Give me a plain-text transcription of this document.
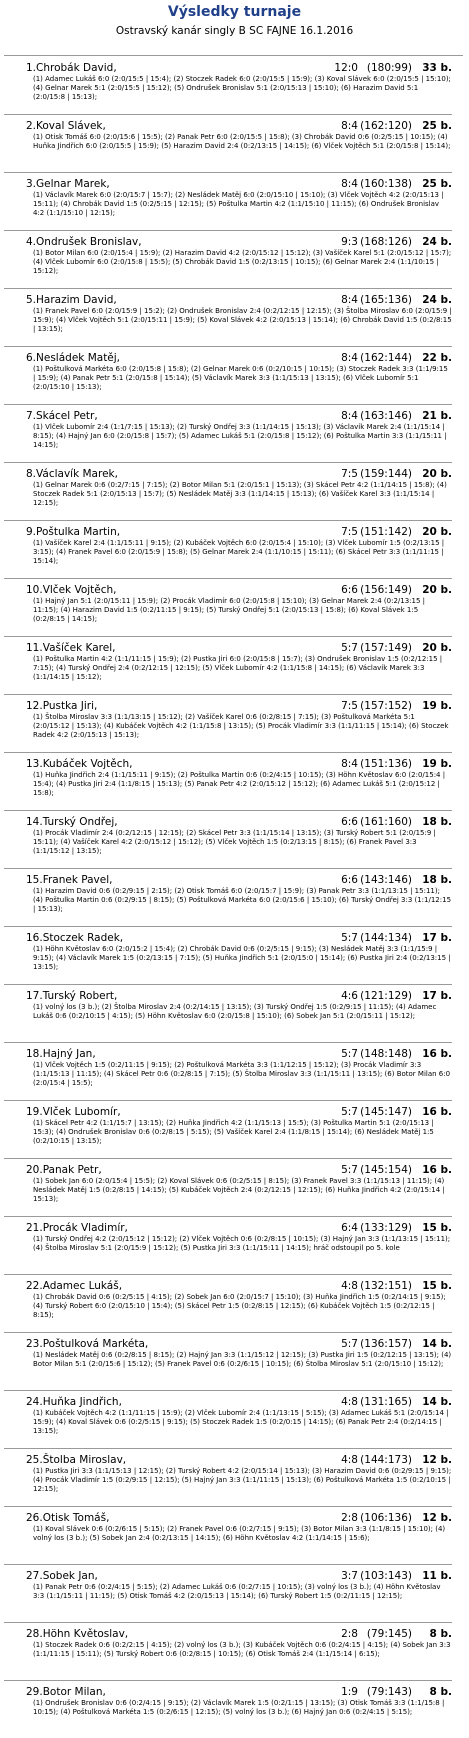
Výsledky turnaje
Ostravský kanár singly B SC FAJNE 16.1.2016
1.Chrobák David,	12:0 (180:99) 33 b.
(1) Adamec Lukáš 6:0 (2:0/15:5 | 15:4); (2) Stoczek Radek 6:0 (2:0/15:5 | 15:9); (3) Koval Slávek 6:0 (2:0/15:5 | 15:10); (4) Gelnar Marek 5:1 (2:0/15:5 | 15:12); (5) Ondrušek Bronislav 5:1 (2:0/15:13 | 15:10); (6) Harazim David 5:1 (2:0/15:8 | 15:13);
2.Koval Slávek,	8:4 (162:120) 25 b.
(1) Otisk Tomáš 6:0 (2:0/15:6 | 15:5); (2) Panak Petr 6:0 (2:0/15:5 | 15:8); (3) Chrobák David 0:6 (0:2/5:15 | 10:15); (4) Huňka Jindřich 6:0 (2:0/15:5 | 15:9); (5) Harazim David 2:4 (0:2/13:15 | 14:15); (6) Vlček Vojtěch 5:1 (2:0/15:8 | 15:14);
3.Gelnar Marek,	8:4 (160:138) 25 b.
(1) Václavík Marek 6:0 (2:0/15:7 | 15:7); (2) Nesládek Matěj 6:0 (2:0/15:10 | 15:10); (3) Vlček Vojtěch 4:2 (2:0/15:13 | 15:11); (4) Chrobák David 1:5 (0:2/5:15 | 12:15); (5) Poštulka Martin 4:2 (1:1/15:10 | 11:15); (6) Ondrušek Bronislav 4:2 (1:1/15:10 | 12:15);
4.Ondrušek Bronislav,	9:3 (168:126) 24 b.
(1) Botor Milan 6:0 (2:0/15:4 | 15:9); (2) Harazim David 4:2 (2:0/15:12 | 15:12); (3) Vašíček Karel 5:1 (2:0/15:12 | 15:7); (4) Vlček Lubomír 6:0 (2:0/15:8 | 15:5); (5) Chrobák David 1:5 (0:2/13:15 | 10:15); (6) Gelnar Marek 2:4 (1:1/10:15 | 15:12);
5.Harazim David,	8:4 (165:136) 24 b.
(1) Franek Pavel 6:0 (2:0/15:9 | 15:2); (2) Ondrušek Bronislav 2:4 (0:2/12:15 | 12:15); (3) Štolba Miroslav 6:0 (2:0/15:9 | 15:9); (4) Vlček Vojtěch 5:1 (2:0/15:11 | 15:9); (5) Koval Slávek 4:2 (2:0/15:13 | 15:14); (6) Chrobák David 1:5 (0:2/8:15 | 13:15);
6.Nesládek Matěj,	8:4 (162:144) 22 b.
(1) Poštulková Markéta 6:0 (2:0/15:8 | 15:8); (2) Gelnar Marek 0:6 (0:2/10:15 | 10:15); (3) Stoczek Radek 3:3 (1:1/9:15 | 15:9); (4) Panak Petr 5:1 (2:0/15:8 | 15:14); (5) Václavík Marek 3:3 (1:1/15:13 | 13:15); (6) Vlček Lubomír 5:1 (2:0/15:10 | 15:13);
7.Skácel Petr,	8:4 (163:146) 21 b.
(1) Vlček Lubomír 2:4 (1:1/7:15 | 15:13); (2) Turský Ondřej 3:3 (1:1/14:15 | 15:13); (3) Václavík Marek 2:4 (1:1/15:14 | 8:15); (4) Hajný Jan 6:0 (2:0/15:8 | 15:7); (5) Adamec Lukáš 5:1 (2:0/15:8 | 15:12); (6) Poštulka Martin 3:3 (1:1/15:11 | 14:15);
8.Václavík Marek,	7:5 (159:144) 20 b.
(1) Gelnar Marek 0:6 (0:2/7:15 | 7:15); (2) Botor Milan 5:1 (2:0/15:1 | 15:13); (3) Skácel Petr 4:2 (1:1/14:15 | 15:8); (4) Stoczek Radek 5:1 (2:0/15:13 | 15:7); (5) Nesládek Matěj 3:3 (1:1/14:15 | 15:13); (6) Vašíček Karel 3:3 (1:1/15:14 | 12:15);
9.Poštulka Martin,	7:5 (151:142) 20 b.
(1) Vašíček Karel 2:4 (1:1/15:11 | 9:15); (2) Kubáček Vojtěch 6:0 (2:0/15:4 | 15:10); (3) Vlček Lubomír 1:5 (0:2/13:15 | 3:15); (4) Franek Pavel 6:0 (2:0/15:9 | 15:8); (5) Gelnar Marek 2:4 (1:1/10:15 | 15:11); (6) Skácel Petr 3:3 (1:1/11:15 | 15:14);
10.Vlček Vojtěch,	6:6 (156:149) 20 b.
(1) Hajný Jan 5:1 (2:0/15:11 | 15:9); (2) Procák Vladimír 6:0 (2:0/15:8 | 15:10); (3) Gelnar Marek 2:4 (0:2/13:15 | 11:15); (4) Harazim David 1:5 (0:2/11:15 | 9:15); (5) Turský Ondřej 5:1 (2:0/15:13 | 15:8); (6) Koval Slávek 1:5 (0:2/8:15 | 14:15);
11.Vašíček Karel,	5:7 (157:149) 20 b.
(1) Poštulka Martin 4:2 (1:1/11:15 | 15:9); (2) Pustka Jiri 6:0 (2:0/15:8 | 15:7); (3) Ondrušek Bronislav 1:5 (0:2/12:15 | 7:15); (4) Turský Ondřej 2:4 (0:2/12:15 | 12:15); (5) Vlček Lubomír 4:2 (1:1/15:8 | 14:15); (6) Václavík Marek 3:3 (1:1/14:15 | 15:12);
12.Pustka Jiri,	7:5 (157:152) 19 b.
(1) Štolba Miroslav 3:3 (1:1/13:15 | 15:12); (2) Vašíček Karel 0:6 (0:2/8:15 | 7:15); (3) Poštulková Markéta 5:1 (2:0/15:12 | 15:13); (4) Kubáček Vojtěch 4:2 (1:1/15:8 | 13:15); (5) Procák Vladimír 3:3 (1:1/11:15 | 15:14); (6) Stoczek Radek 4:2 (2:0/15:13 | 15:13);
13.Kubáček Vojtěch,	8:4 (151:136) 19 b.
(1) Huňka Jindřich 2:4 (1:1/15:11 | 9:15); (2) Poštulka Martin 0:6 (0:2/4:15 | 10:15); (3) Höhn Květoslav 6:0 (2:0/15:4 | 15:4); (4) Pustka Jiri 2:4 (1:1/8:15 | 15:13); (5) Panak Petr 4:2 (2:0/15:12 | 15:12); (6) Adamec Lukáš 5:1 (2:0/15:12 | 15:8);
14.Turský Ondřej,	6:6 (161:160) 18 b.
(1) Procák Vladimír 2:4 (0:2/12:15 | 12:15); (2) Skácel Petr 3:3 (1:1/15:14 | 13:15); (3) Turský Robert 5:1 (2:0/15:9 | 15:11); (4) Vašíček Karel 4:2 (2:0/15:12 | 15:12); (5) Vlček Vojtěch 1:5 (0:2/13:15 | 8:15); (6) Franek Pavel 3:3 (1:1/15:12 | 13:15);
15.Franek Pavel,	6:6 (143:146) 18 b.
(1) Harazim David 0:6 (0:2/9:15 | 2:15); (2) Otisk Tomáš 6:0 (2:0/15:7 | 15:9); (3) Panak Petr 3:3 (1:1/13:15 | 15:11); (4) Poštulka Martin 0:6 (0:2/9:15 | 8:15); (5) Poštulková Markéta 6:0 (2:0/15:6 | 15:10); (6) Turský Ondřej 3:3 (1:1/12:15 | 15:13);
16.Stoczek Radek,	5:7 (144:134) 17 b.
(1) Höhn Květoslav 6:0 (2:0/15:2 | 15:4); (2) Chrobák David 0:6 (0:2/5:15 | 9:15); (3) Nesládek Matěj 3:3 (1:1/15:9 | 9:15); (4) Václavík Marek 1:5 (0:2/13:15 | 7:15); (5) Huňka Jindřich 5:1 (2:0/15:0 | 15:14); (6) Pustka Jiri 2:4 (0:2/13:15 | 13:15);
17.Turský Robert,	4:6 (121:129) 17 b.
(1) volný los (3 b.); (2) Štolba Miroslav 2:4 (0:2/14:15 | 13:15); (3) Turský Ondřej 1:5 (0:2/9:15 | 11:15); (4) Adamec Lukáš 0:6 (0:2/10:15 | 4:15); (5) Höhn Květoslav 6:0 (2:0/15:8 | 15:10); (6) Sobek Jan 5:1 (2:0/15:11 | 15:12);
18.Hajný Jan,	5:7 (148:148) 16 b.
(1) Vlček Vojtěch 1:5 (0:2/11:15 | 9:15); (2) Poštulková Markéta 3:3 (1:1/12:15 | 15:12); (3) Procák Vladimír 3:3 (1:1/15:13 | 11:15); (4) Skácel Petr 0:6 (0:2/8:15 | 7:15); (5) Štolba Miroslav 3:3 (1:1/15:11 | 13:15); (6) Botor Milan 6:0 (2:0/15:4 | 15:5);
19.Vlček Lubomír,	5:7 (145:147) 16 b.
(1) Skácel Petr 4:2 (1:1/15:7 | 13:15); (2) Huňka Jindřich 4:2 (1:1/15:13 | 15:5); (3) Poštulka Martin 5:1 (2:0/15:13 | 15:3); (4) Ondrušek Bronislav 0:6 (0:2/8:15 | 5:15); (5) Vašíček Karel 2:4 (1:1/8:15 | 15:14); (6) Nesládek Matěj 1:5 (0:2/10:15 | 13:15);
20.Panak Petr,	5:7 (145:154) 16 b.
(1) Sobek Jan 6:0 (2:0/15:4 | 15:5); (2) Koval Slávek 0:6 (0:2/5:15 | 8:15); (3) Franek Pavel 3:3 (1:1/15:13 | 11:15); (4) Nesládek Matěj 1:5 (0:2/8:15 | 14:15); (5) Kubáček Vojtěch 2:4 (0:2/12:15 | 12:15); (6) Huňka Jindřich 4:2 (2:0/15:14 | 15:13);
21.Procák Vladimír,	6:4 (133:129) 15 b.
(1) Turský Ondřej 4:2 (2:0/15:12 | 15:12); (2) Vlček Vojtěch 0:6 (0:2/8:15 | 10:15); (3) Hajný Jan 3:3 (1:1/13:15 | 15:11); (4) Štolba Miroslav 5:1 (2:0/15:9 | 15:12); (5) Pustka Jiri 3:3 (1:1/15:11 | 14:15); hráč odstoupil po 5. kole
22.Adamec Lukáš,	4:8 (132:151) 15 b.
(1) Chrobák David 0:6 (0:2/5:15 | 4:15); (2) Sobek Jan 6:0 (2:0/15:7 | 15:10); (3) Huňka Jindřich 1:5 (0:2/14:15 | 9:15); (4) Turský Robert 6:0 (2:0/15:10 | 15:4); (5) Skácel Petr 1:5 (0:2/8:15 | 12:15); (6) Kubáček Vojtěch 1:5 (0:2/12:15 | 8:15);
23.Poštulková Markéta,	5:7 (136:157) 14 b.
(1) Nesládek Matěj 0:6 (0:2/8:15 | 8:15); (2) Hajný Jan 3:3 (1:1/15:12 | 12:15); (3) Pustka Jiri 1:5 (0:2/12:15 | 13:15); (4) Botor Milan 5:1 (2:0/15:6 | 15:12); (5) Franek Pavel 0:6 (0:2/6:15 | 10:15); (6) Štolba Miroslav 5:1 (2:0/15:10 | 15:12);
24.Huňka Jindřich,	4:8 (131:165) 14 b.
(1) Kubáček Vojtěch 4:2 (1:1/11:15 | 15:9); (2) Vlček Lubomír 2:4 (1:1/13:15 | 5:15); (3) Adamec Lukáš 5:1 (2:0/15:14 | 15:9); (4) Koval Slávek 0:6 (0:2/5:15 | 9:15); (5) Stoczek Radek 1:5 (0:2/0:15 | 14:15); (6) Panak Petr 2:4 (0:2/14:15 | 13:15);
25.Štolba Miroslav,	4:8 (144:173) 12 b.
(1) Pustka Jiri 3:3 (1:1/15:13 | 12:15); (2) Turský Robert 4:2 (2:0/15:14 | 15:13); (3) Harazim David 0:6 (0:2/9:15 | 9:15); (4) Procák Vladimír 1:5 (0:2/9:15 | 12:15); (5) Hajný Jan 3:3 (1:1/11:15 | 15:13); (6) Poštulková Markéta 1:5 (0:2/10:15 | 12:15);
26.Otisk Tomáš,	2:8 (106:136) 12 b.
(1) Koval Slávek 0:6 (0:2/6:15 | 5:15); (2) Franek Pavel 0:6 (0:2/7:15 | 9:15); (3) Botor Milan 3:3 (1:1/8:15 | 15:10); (4) volný los (3 b.); (5) Sobek Jan 2:4 (0:2/13:15 | 14:15); (6) Höhn Květoslav 4:2 (1:1/14:15 | 15:6);
27.Sobek Jan,	3:7 (103:143) 11 b.
(1) Panak Petr 0:6 (0:2/4:15 | 5:15); (2) Adamec Lukáš 0:6 (0:2/7:15 | 10:15); (3) volný los (3 b.); (4) Höhn Květoslav 3:3 (1:1/15:11 | 11:15); (5) Otisk Tomáš 4:2 (2:0/15:13 | 15:14); (6) Turský Robert 1:5 (0:2/11:15 | 12:15);
28.Höhn Květoslav,	2:8 (79:145)	8 b.
(1) Stoczek Radek 0:6 (0:2/2:15 | 4:15); (2) volný los (3 b.); (3) Kubáček Vojtěch 0:6 (0:2/4:15 | 4:15); (4) Sobek Jan 3:3 (1:1/11:15 | 15:11); (5) Turský Robert 0:6 (0:2/8:15 | 10:15); (6) Otisk Tomáš 2:4 (1:1/15:14 | 6:15);
29.Botor Milan,	1:9 (79:143)	8 b.
(1) Ondrušek Bronislav 0:6 (0:2/4:15 | 9:15); (2) Václavík Marek 1:5 (0:2/1:15 | 13:15); (3) Otisk Tomáš 3:3 (1:1/15:8 | 10:15); (4) Poštulková Markéta 1:5 (0:2/6:15 | 12:15); (5) volný los (3 b.); (6) Hajný Jan 0:6 (0:2/4:15 | 5:15);
